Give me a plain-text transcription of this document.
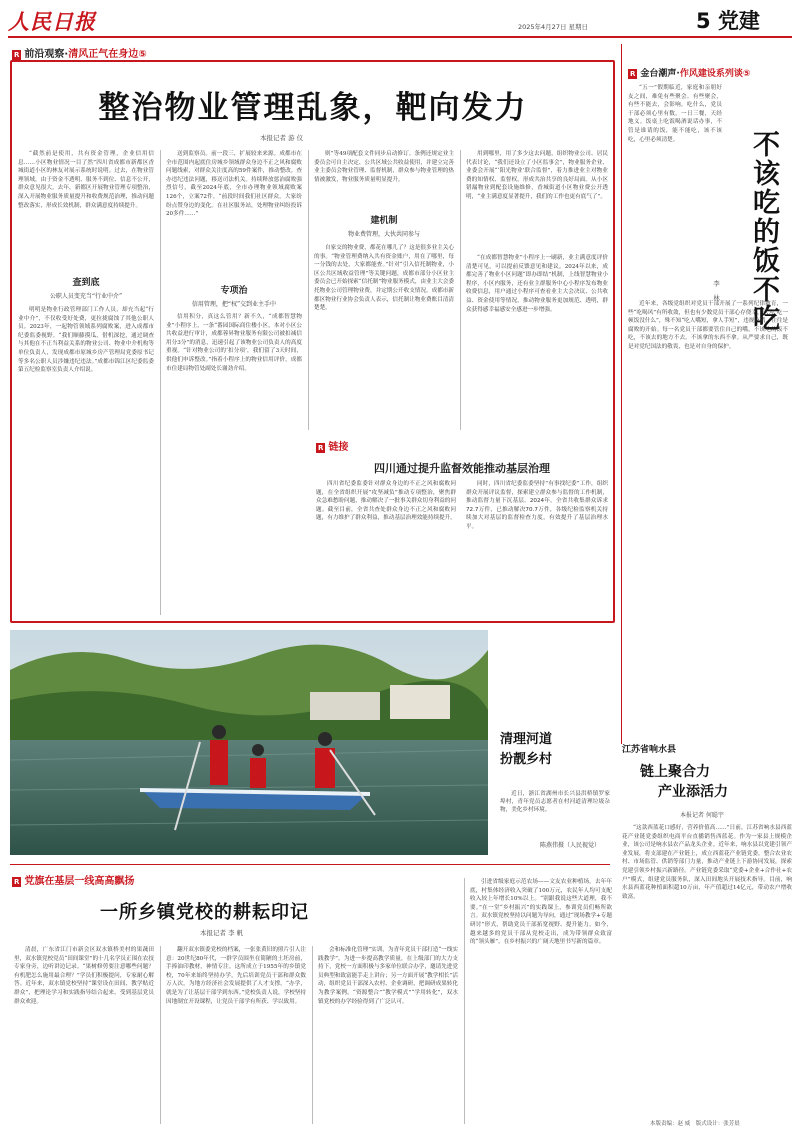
人民日报	2025年4月27日 星期日	5 党建
R 前沿观察·清风正气在身边⑤
整治物业管理乱象，靶向发力
本报记者 游 仪

“截然前是使用，共有资金管理，企业信用信息……小区物业情况一目了然”四川省成都市新都区香城街道小区的林友对展示系统时说明。过去，在物业管理领域，由于资金不透明、服务不到位、信息不公开，群众意见很大。去年，新都区开展物业管理专项整治，深入开展物业服务质量提升和收费规范治理，推动问题整改落实，形成长效机制，群众满意度持续提升。

查到底
公职人员变充当“行业中介”

明明是物业行政管理部门工作人员，却充当起“行业中介”，不仅收受好处费，更拉拢腐蚀了其他公职人员。2023年，一起物管领域系列腐败案，进入成都市纪委监委视野。“我们顺藤摸瓜，借机深挖，通过调查与其他在不正当利益关系的物业公司、物业中介机构等单位负责人，发现成都市原城乡房产管理局党委原书记等多名公职人员涉嫌违纪违法。”成都市锦江区纪委监委第五纪检监察室负责人介绍说。

送到监察员。前一段三，扩展较来来源。成都市在全市范围内起底住房城乡领域群众身边不正之风和腐败问题线索，对群众关注度高的59件案件，推动整改。查办违纪违法问题，移送司法机关。持续释放惩治腐败强烈信号，截至2024年底，全市办理物业领域腐败案126个，立案72件。“前段时间我们社区群众，大家纷纷点赞身边的变化。在社区服务站，处理物业纠纷投诉20多件……”

专项治
信用管理，把“权”交到业主手中

信用积分，真这么管用？新不久，“成都智慧物业”小程序上，一条“番园国际商住楼小区，本对小区公共收益进行审计，成都蓉昇物业服务有限公司被扣减信用分3分”的消息，迅速引起了该物业公司负责人的高度重视。“针对物业公司的‘扣分项’，我们留了3天时间，供他们申诉整改。”指着小程序上的物业信用评价，成都市住建局物管处副处长谢劲介绍。

则”等49项配套文件同步启动修订。条例还规定业主委员会可自主决定、公共区域公共收益使用，并建立完善业主委员会物业管理、监督机制，群众参与物业管理的热情被激发，物业服务质量明显提升。

建机制
物业费管理，大伙共同参与

自家交的物业费，都花在哪儿了？这是很多业主关心的事。“物业管理费纳入共有资金账户，用在了哪里，每一分钱的去处，大家都能查。”针对“引入信托制物业，小区公共区域收益管理”等关键问题，成都市部分小区业主委员会已开始探索“信托制”物业服务模式，由业主大会委托物业公司管理物业费，并定期公开收支情况。成都市新都区物业行业协会负责人表示，信托制让物业费账目清清楚楚。

用到哪里，用了多少这去问题，组织物业公司、居民代表讨论，“我们还设立了小区监事会”，物业服务企业、业委会开展“‘阳光物业’联合监督”，着力推进业主对物业费的知情权、监督权，形成共治共享的良好局面。从小区错漏物业到配套设施维修，香城街道小区物业费公开透明，“业主满意度显著提升，我们的工作也更有底气了”。

“在成都智慧物业”小程序上一刷新，业主满意度评价清楚可见，可以提前反馈意见和建议。2024年以来，成都完善了物业小区问题“即办即结”机制，上线智慧物业小程序，小区内服务，还有业主群服务中心小程序发布物业收费信息，用户通过小程序可查看业主大会决议、公共收益、资金使用等情况，推动物业服务更加规范、透明，群众获得感幸福感安全感进一步增强。

R 链接
四川通过提升监督效能推动基层治理

四川省纪委监委针对群众身边的不正之风和腐败问题，在全省组织开展“攻坚减负”推动专项整治，聚焦群众急难愁盼问题，推动解决了一批事关群众切身利益的问题。截至目前，全省共查处群众身边不正之风和腐败问题，有力维护了群众利益，推动基层治理效能持续提升。

同时，四川省纪委监委坚持“有事找纪委”工作，组织群众开展评议监督，探索建立群众参与监督的工作机制，推动监督力量下沉基层。2024年，全省共收集群众诉求72.7万件，已推动解决70.7万件，各级纪检监察机关持续加大对基层的监督检查力度，有效提升了基层治理水平。

R 金台潮声·作风建设系列谈⑤

“五一”假期临近，家庭和亲朋好友之间，难免有些聚会。有些聚会，有些不能去，会影响。吃什么，党员干部必须心里有数。一日三餐，天经地义。饭桌上吃饭喝酒说话办事，不管是谁请的饭，能不能吃，该不该吃，心里必须清楚。	不该吃的饭不吃
李 林

近年来，各级党组织对党员干部开展了一系列纪律教育，一些“吃喝风”有所收敛，但也有少数党员干部心存侥幸，认为“吃一顿饭没什么”，殊不知“吃人嘴短，拿人手短”，违规吃请，往往是腐败的开始。每一名党员干部都要管住自己的嘴，不该吃的饭不吃，不该去的地方不去，不该拿的东西不拿。从严要求自己，既是对党纪国法的敬畏，也是对自身的保护。

清理河道
扮靓乡村

近日，浙江省湖州市长兴县洪桥镇罗家埠村，青年党员志愿者在村河道清理垃圾杂物，美化乡村环境。

陈燕伟摄（人民视觉）
江苏省响水县
链上聚合力
产业添活力
本报记者 何聪宇

“这款西蓝花口感好，营养价值高……”日前，江苏省响水县西蓝花产业链党委组织电商平台直播销售西蓝花。作为一家县上规模企业，该公司是响水县农产品龙头企业。近年来，响水县以党建引领产业发展，将支部建在产业链上，成立西蓝花产业链党委，整合农业农村、市场监管、供销等部门力量，推动产业链上下游协同发展，探索党建引领乡村振兴新路径。产业链党委采取“党委+企业+合作社+农户”模式，组建党员服务队，深入田间地头开展技术指导。目前，响水县西蓝花种植面积超10万亩，年产值超过14亿元，带动农户增收致富。

本版责编：赵 威　版式设计：张芳晨
R 党旗在基层一线高高飘扬
一所乡镇党校的耕耘印记
本报记者 李 帆

清晨，广东省江门市新会区双水镇桥美村的果蔬田里，双水镇党校党员“田间课堂”的十几名学员正围在农技专家身旁，边听讲边记录。“果树修剪要注意哪些问题？有机肥怎么施用最合理？”学员们积极提问，专家耐心解答。近年来，双水镇党校坚持“课堂设在田间、教学贴近群众”，把理论学习和实践指导结合起来，受到基层党员群众欢迎。

翻开双水镇委党校的档案，一张张黄旧的照片引人注意：20世纪80年代，一群学员围坐在简陋的土坯房前，手捧油印教材，神情专注。这所成立于1955年的乡镇党校，70年来始终坚持办学，先后培训党员干部和群众数万人次，为地方经济社会发展提供了人才支撑。“办学，就是为了让基层干部学到东西。”党校负责人说，学校坚持因地制宜开设课程，让党员干部学有所获、学以致用。

会和标准化管理”实训，为青年党员干部打造“一线实践教学”。为进一步提高教学质量，在上级部门的大力支持下，党校一方面积极与多家单位联合办学，邀请先进党员典型和致富能手走上讲台；另一方面开展“教学相长”活动，组织党员干部深入农村、企业调研，把调研成果转化为教学案例。“资源整合”“教学模式”“学用转化”，双水镇党校的办学经验得到了广泛认可。

引进省级家庭示范农场——文友农业种植场。去年年底，村集体经济收入突破了100万元，农民年人均可支配收入较上年增长10%以上。“别跟我说这些大道理，我不要。”在一堂“乡村振兴”的实践课上，参训党员们畅所欲言。双水镇党校坚持以问题为导向，通过“现场教学+专题研讨”形式，帮助党员干部拓宽视野、提升能力。如今，越来越多的党员干部从党校走出，成为带领群众致富的“领头雁”，在乡村振兴的广阔天地里书写新的篇章。
